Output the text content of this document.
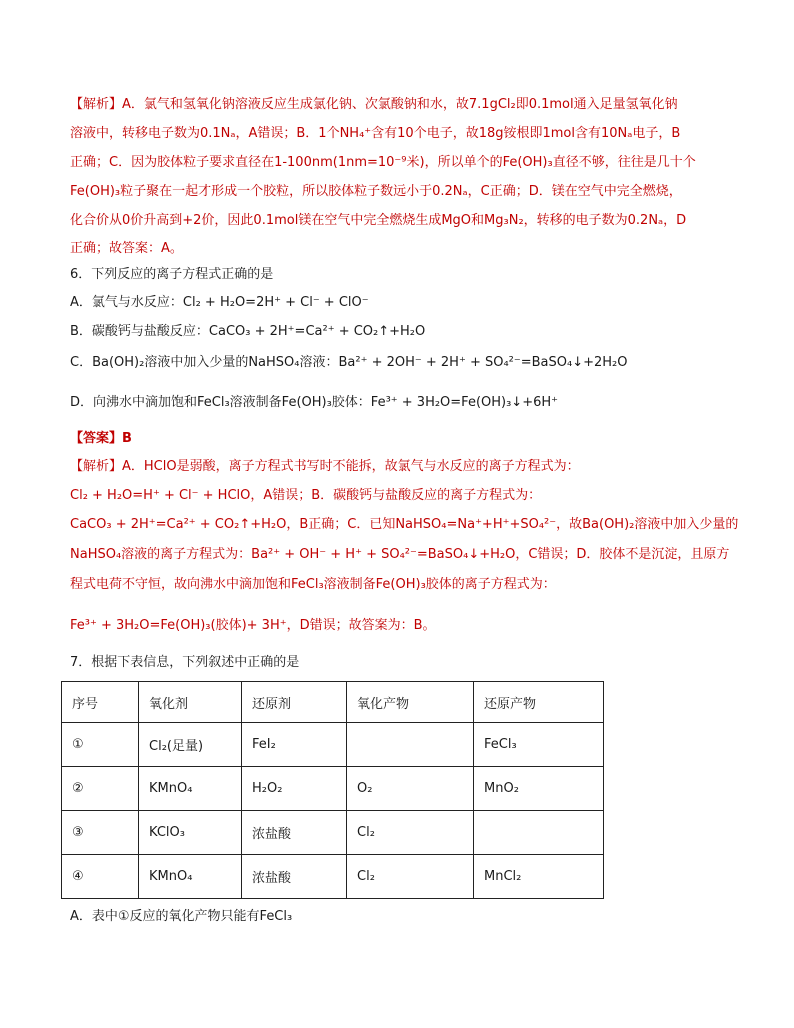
【解析】A．氯气和氢氧化钠溶液反应生成氯化钠、次氯酸钠和水，故7.1gCl₂即0.1mol通入足量氢氧化钠
溶液中，转移电子数为0.1Nₐ，A错误；B．1个NH₄⁺含有10个电子，故18g铵根即1mol含有10Nₐ电子，B
正确；C．因为胶体粒子要求直径在1-100nm(1nm=10⁻⁹米)，所以单个的Fe(OH)₃直径不够，往往是几十个
Fe(OH)₃粒子聚在一起才形成一个胶粒，所以胶体粒子数远小于0.2Nₐ，C正确；D．镁在空气中完全燃烧，
化合价从0价升高到+2价，因此0.1mol镁在空气中完全燃烧生成MgO和Mg₃N₂，转移的电子数为0.2Nₐ，D
正确；故答案：A。
6．下列反应的离子方程式正确的是
A．氯气与水反应：Cl₂ + H₂O=2H⁺ + Cl⁻ + ClO⁻
B．碳酸钙与盐酸反应：CaCO₃ + 2H⁺=Ca²⁺ + CO₂↑+H₂O
C．Ba(OH)₂溶液中加入少量的NaHSO₄溶液：Ba²⁺ + 2OH⁻ + 2H⁺ + SO₄²⁻=BaSO₄↓+2H₂O
D．向沸水中滴加饱和FeCl₃溶液制备Fe(OH)₃胶体：Fe³⁺ + 3H₂O=Fe(OH)₃↓+6H⁺
【答案】B
【解析】A．HClO是弱酸，离子方程式书写时不能拆，故氯气与水反应的离子方程式为：
Cl₂ + H₂O=H⁺ + Cl⁻ + HClO，A错误；B．碳酸钙与盐酸反应的离子方程式为：
CaCO₃ + 2H⁺=Ca²⁺ + CO₂↑+H₂O，B正确；C．已知NaHSO₄=Na⁺+H⁺+SO₄²⁻，故Ba(OH)₂溶液中加入少量的
NaHSO₄溶液的离子方程式为：Ba²⁺ + OH⁻ + H⁺ + SO₄²⁻=BaSO₄↓+H₂O，C错误；D．胶体不是沉淀，且原方
程式电荷不守恒，故向沸水中滴加饱和FeCl₃溶液制备Fe(OH)₃胶体的离子方程式为：
Fe³⁺ + 3H₂O=Fe(OH)₃(胶体)+ 3H⁺，D错误；故答案为：B。
7．根据下表信息，下列叙述中正确的是
序号	氧化剂	还原剂	氧化产物	还原产物
①	Cl₂(足量)	FeI₂		FeCl₃
②	KMnO₄	H₂O₂	O₂	MnO₂
③	KClO₃	浓盐酸	Cl₂	
④	KMnO₄	浓盐酸	Cl₂	MnCl₂
A．表中①反应的氧化产物只能有FeCl₃
